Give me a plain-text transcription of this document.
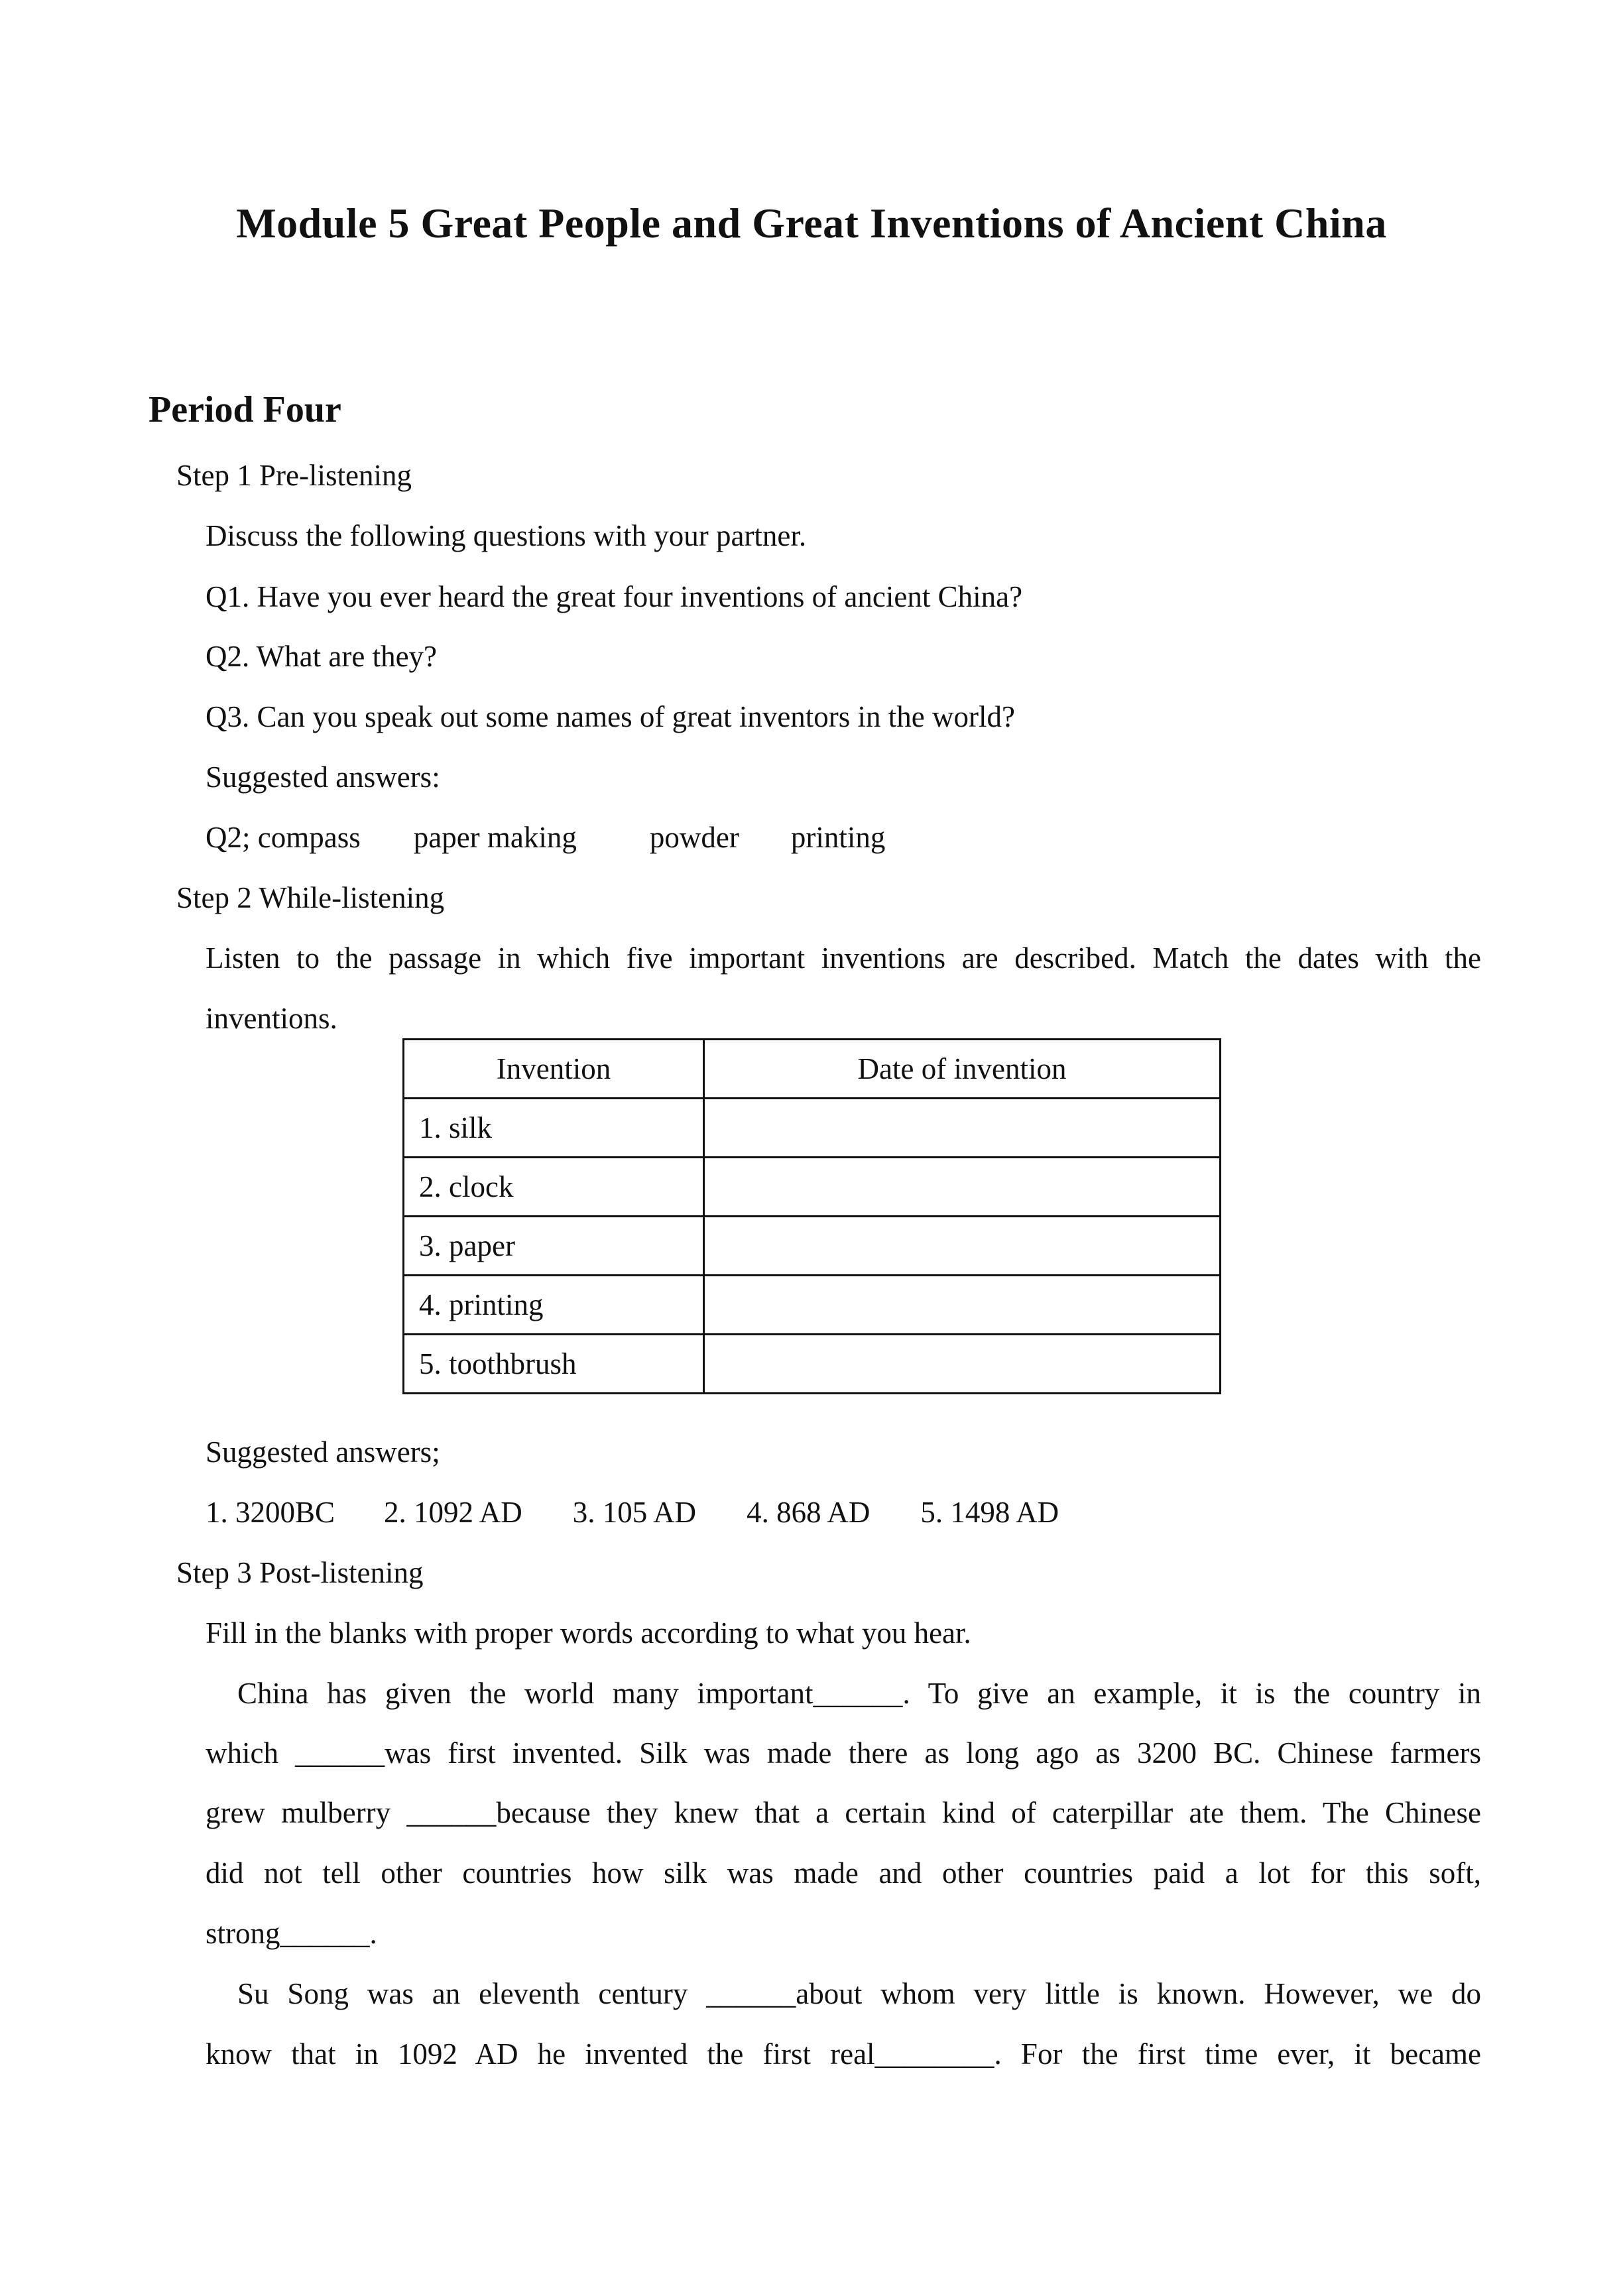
Module 5 Great People and Great Inventions of Ancient China
Period Four
Step 1 Pre-listening
Discuss the following questions with your partner.
Q1. Have you ever heard the great four inventions of ancient China?
Q2. What are they?
Q3. Can you speak out some names of great inventors in the world?
Suggested answers:
Q2; compass paper making powder printing
Step 2 While-listening
Listen to the passage in which five important inventions are described. Match the dates with the
inventions.
Invention	Date of invention
1. silk	
2. clock	
3. paper	
4. printing	
5. toothbrush	
Suggested answers;
1. 3200BC 2. 1092 AD 3. 105 AD 4. 868 AD 5. 1498 AD
Step 3 Post-listening
Fill in the blanks with proper words according to what you hear.
China has given the world many important______. To give an example, it is the country in
which ______was first invented. Silk was made there as long ago as 3200 BC. Chinese farmers
grew mulberry ______because they knew that a certain kind of caterpillar ate them. The Chinese
did not tell other countries how silk was made and other countries paid a lot for this soft,
strong______.
Su Song was an eleventh century ______about whom very little is known. However, we do
know that in 1092 AD he invented the first real________. For the first time ever, it became
